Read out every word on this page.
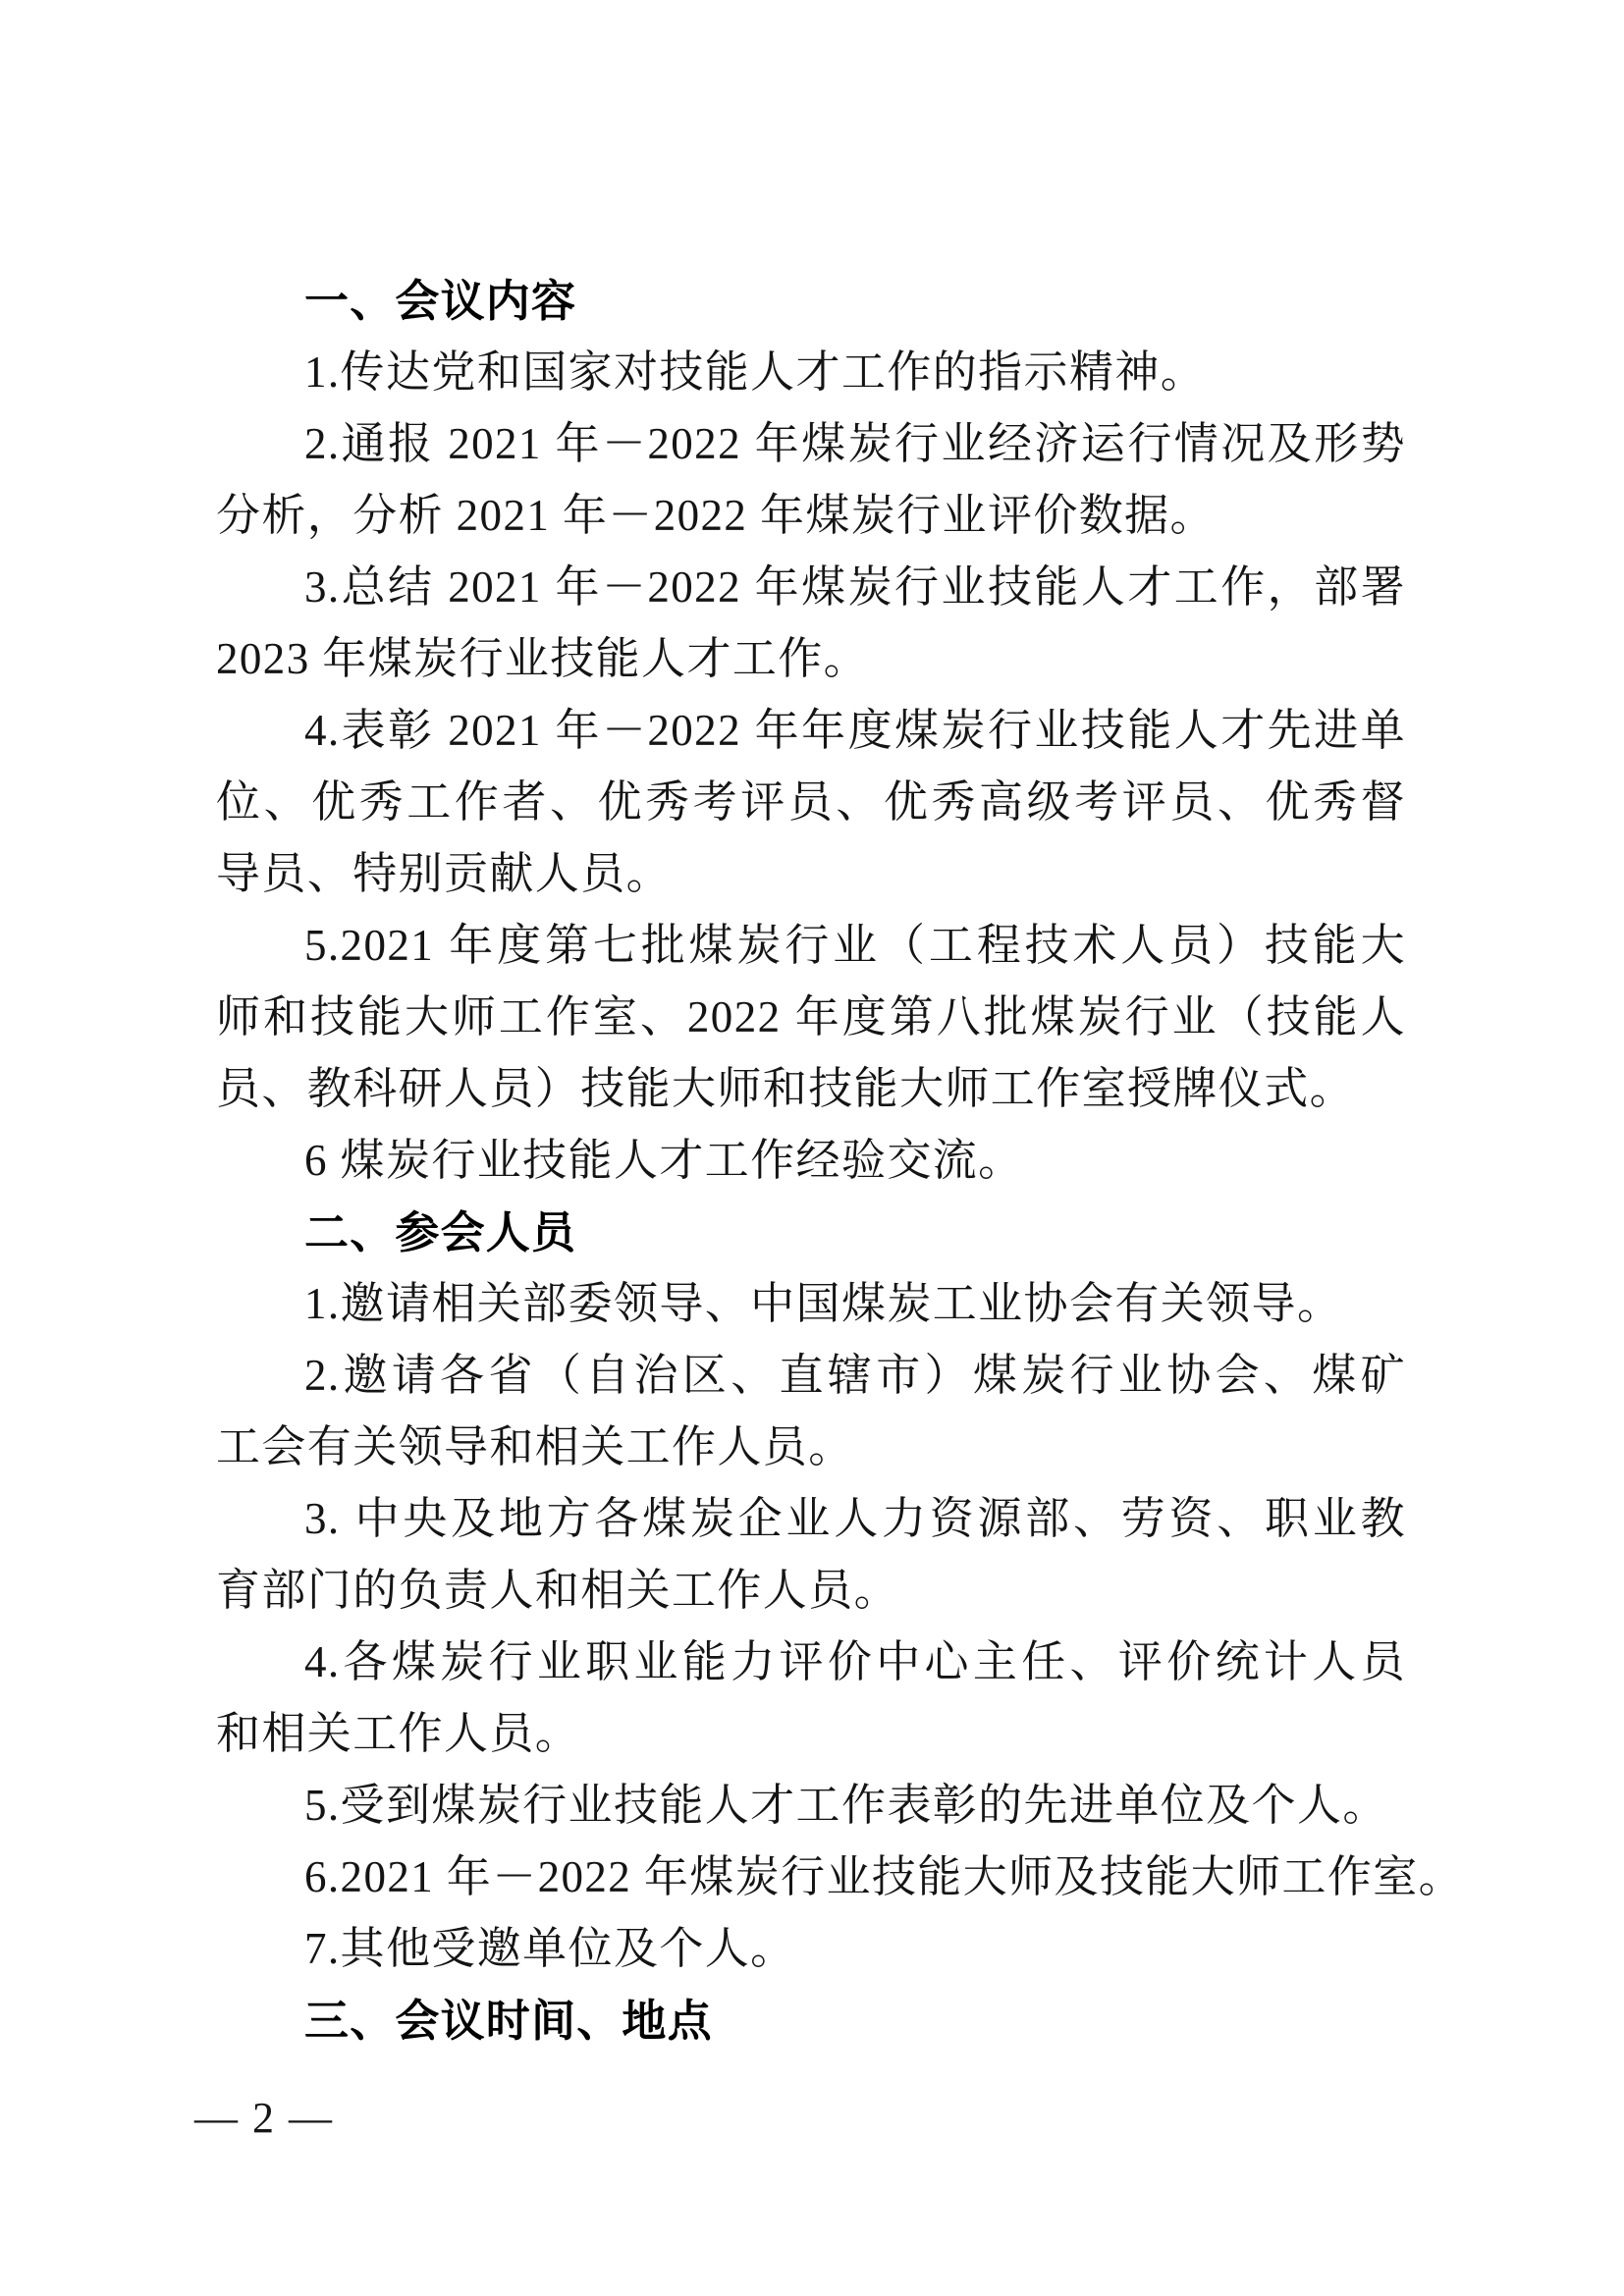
一、会议内容
1.传达党和国家对技能人才工作的指示精神。
2.通报 2021 年－2022 年煤炭行业经济运行情况及形势
分析，分析 2021 年－2022 年煤炭行业评价数据。
3.总结 2021 年－2022 年煤炭行业技能人才工作，部署
2023 年煤炭行业技能人才工作。
4.表彰 2021 年－2022 年年度煤炭行业技能人才先进单
位、优秀工作者、优秀考评员、优秀高级考评员、优秀督
导员、特别贡献人员。
5.2021 年度第七批煤炭行业（工程技术人员）技能大
师和技能大师工作室、2022 年度第八批煤炭行业（技能人
员、教科研人员）技能大师和技能大师工作室授牌仪式。
6 煤炭行业技能人才工作经验交流。
二、参会人员
1.邀请相关部委领导、中国煤炭工业协会有关领导。
2.邀请各省（自治区、直辖市）煤炭行业协会、煤矿
工会有关领导和相关工作人员。
3. 中央及地方各煤炭企业人力资源部、劳资、职业教
育部门的负责人和相关工作人员。
4.各煤炭行业职业能力评价中心主任、评价统计人员
和相关工作人员。
5.受到煤炭行业技能人才工作表彰的先进单位及个人。
6.2021 年－2022 年煤炭行业技能大师及技能大师工作室。
7.其他受邀单位及个人。
三、会议时间、地点
— 2 —
